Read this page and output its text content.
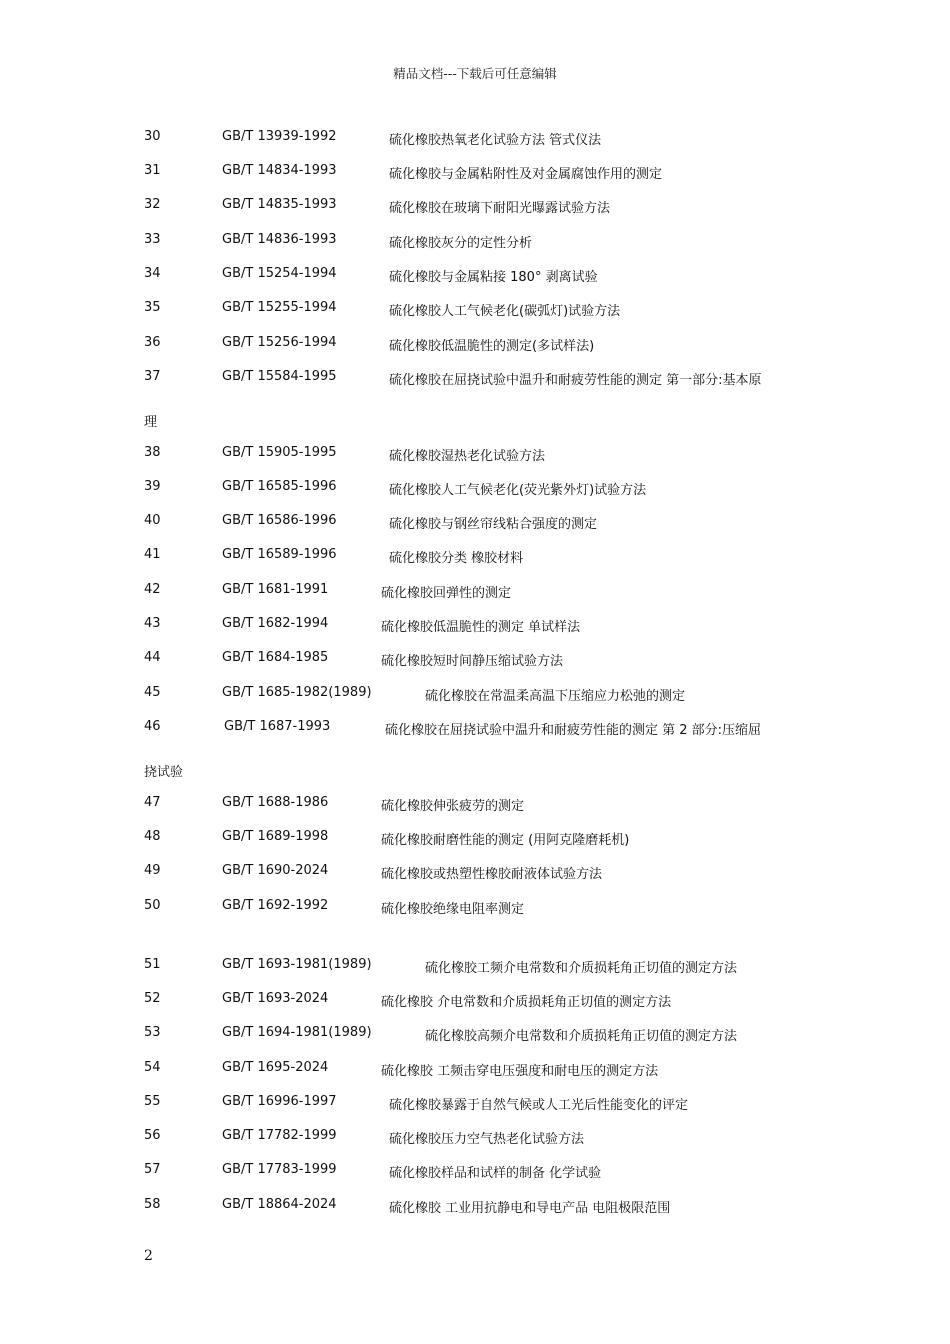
精品文档---下载后可任意编辑
30	GB/T 13939-1992	硫化橡胶热氧老化试验方法 管式仪法
31	GB/T 14834-1993	硫化橡胶与金属粘附性及对金属腐蚀作用的测定
32	GB/T 14835-1993	硫化橡胶在玻璃下耐阳光曝露试验方法
33	GB/T 14836-1993	硫化橡胶灰分的定性分析
34	GB/T 15254-1994	硫化橡胶与金属粘接 180° 剥离试验
35	GB/T 15255-1994	硫化橡胶人工气候老化(碳弧灯)试验方法
36	GB/T 15256-1994	硫化橡胶低温脆性的测定(多试样法)
37	GB/T 15584-1995	硫化橡胶在屈挠试验中温升和耐疲劳性能的测定 第一部分:基本原
理
38	GB/T 15905-1995	硫化橡胶湿热老化试验方法
39	GB/T 16585-1996	硫化橡胶人工气候老化(荧光紫外灯)试验方法
40	GB/T 16586-1996	硫化橡胶与钢丝帘线粘合强度的测定
41	GB/T 16589-1996	硫化橡胶分类 橡胶材料
42	GB/T 1681-1991	硫化橡胶回弹性的测定
43	GB/T 1682-1994	硫化橡胶低温脆性的测定 单试样法
44	GB/T 1684-1985	硫化橡胶短时间静压缩试验方法
45	GB/T 1685-1982(1989)	硫化橡胶在常温柔高温下压缩应力松弛的测定
46	GB/T 1687-1993	硫化橡胶在屈挠试验中温升和耐疲劳性能的测定 第 2 部分:压缩屈
挠试验
47	GB/T 1688-1986	硫化橡胶伸张疲劳的测定
48	GB/T 1689-1998	硫化橡胶耐磨性能的测定 (用阿克隆磨耗机)
49	GB/T 1690-2024	硫化橡胶或热塑性橡胶耐液体试验方法
50	GB/T 1692-1992	硫化橡胶绝缘电阻率测定
51	GB/T 1693-1981(1989)	硫化橡胶工频介电常数和介质损耗角正切值的测定方法
52	GB/T 1693-2024	硫化橡胶 介电常数和介质损耗角正切值的测定方法
53	GB/T 1694-1981(1989)	硫化橡胶高频介电常数和介质损耗角正切值的测定方法
54	GB/T 1695-2024	硫化橡胶 工频击穿电压强度和耐电压的测定方法
55	GB/T 16996-1997	硫化橡胶暴露于自然气候或人工光后性能变化的评定
56	GB/T 17782-1999	硫化橡胶压力空气热老化试验方法
57	GB/T 17783-1999	硫化橡胶样品和试样的制备 化学试验
58	GB/T 18864-2024	硫化橡胶 工业用抗静电和导电产品 电阻极限范围
2
